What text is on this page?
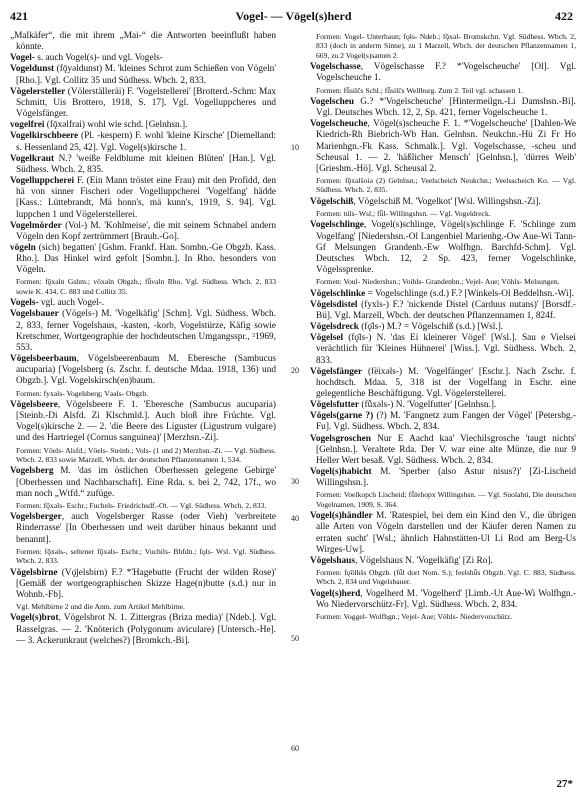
421	Vogel- — Vögel(s)herd	422

„Malkäfer“, die mit ihrem „Mai-“ die Antworten beeinflußt haben könnte.

Vogel- s. auch Vogel(s)- und vgl. Vogels-

Vogeldunst (fǭyǝldunst) M. 'kleines Schrot zum Schießen von Vögeln' [Rho.]. Vgl. Collitz 35 und Südhess. Wbch. 2, 833.

Vögelersteller (Völerställeräi) F. 'Vogelstellerei' [Brotterd.-Schm: Max Schmitt, Uis Brottero, 1918, S. 17]. Vgl. Vogelluppcheres und Vögelsfänger.

vogelfrei (fǭxǝlfrai) wohl wie schd. [Gelnhsn.].

Vogelkirschbeere (Pl. -kespern) F. wohl 'kleine Kirsche' [Diemelland: s. Hessenland 25, 42]. Vgl. Vogel(s)kirsche 1.

Vogelkraut N.? 'weiße Feldblume mit kleinen Blüten' [Han.]. Vgl. Südhess. Wbch. 2, 835.

Vogelluppcherei F. (Ein Mann tröstet eine Frau) mit den Profidd, den hä von sinner Fischeri oder Vogelluppcherei 'Vogelfang' hädde [Kass.: Lüttebrandt, Mä honn's, mä kunn's, 1919, S. 94]. Vgl. luppchen 1 und Vögelerstellerei.

Vogelmörder (Vol-) M. 'Kohlmeise', die mit seinem Schnabel andern Vögeln den Kopf zertrümmert [Brauh.-Go].

vögeln (sich) begatten' [Gshm. Frankf. Han. Sombn.-Ge Obgzb. Kass. Rho.]. Das Hinkel wird gefolt [Sombn.]. In Rho. besonders von Vögeln.

Formen: fǭxǝln Gshm.; vöxǝln Obgzb.; fǖvǝln Rho. Vgl. Südhess. Wbch. 2, 833 sowie K. 434, C. 883 und Collitz 35.

Vogels- vgl. auch Vogel-.

Vogelsbauer (Vögels-) M. 'Vogelkäfig' [Schm]. Vgl. Südhess. Wbch. 2, 833, ferner Vogelshaus, -kasten, -korb, Vogelstürze, Käfig sowie Kretschmer, Wortgeographie der hochdeutschen Umgangsspr., ²1969, 553.

Vögelsbeerbaum, Vögelsbeerenbaum M. Eberesche (Sambucus aucuparia) [Vogelsberg (s. Zschr. f. deutsche Mdaa. 1918, 136) und Obgzb.]. Vgl. Vogelskirsch(en)baum.

Formen: fyxǝls- Vogelsberg; Vǝǝls- Obgzb.

Vögelsbeere, Vögelsbeere F. 1. 'Eberesche (Sambucus aucuparia) [Steinb.-Di Alsfd. Zi Klschmld.]. Auch bloß ihre Früchte. Vgl. Vogel(s)kirsche 2. — 2. 'die Beere des Liguster (Ligustrum vulgare) und des Hartriegel (Cornus sanguinea)' [Merzhsn.-Zi].

Formen: Vöels- Alsfd.; Vöels- Steinb.; Vols- (1 und 2) Merzhsn.-Zi. — Vgl. Südhess. Wbch. 2, 833 sowie Marzell, Wbch. der deutschen Pflanzennamen 1, 534.

Vogelsberg M. 'das im östlichen Oberhessen gelegene Gebirge' [Oberhessen und Nachbarschaft]. Eine Rda. s. bei 2, 742, 17f., wo man noch „Wtfd.“ zufüge.

Formen: fǭxǝls- Eschr.; Fuchels- Friedrichsdf.-Ot. — Vgl. Südhess. Wbch. 2, 833.

Vogelsberger, auch Vogelsberger Rasse (oder Vieh) 'verbreitete Rinderrasse' [In Oberhessen und weit darüber hinaus bekannt und benannt].

Formen: fǭxǝls-, seltener fǭxǝls- Eschr.; Vuchils- Bhfdn.; fǫls- Wsl. Vgl. Südhess. Wbch. 2, 833.

Vögelsbirne (Vǫ̈jelsbirn) F.? *'Hagebutte (Frucht der wilden Rose)' [Gemäß der wortgeographischen Skizze Hage(n)butte (s.d.) nur in Wohnb.-Fb].

Vgl. Mehlbirne 2 und die Anm. zum Artikel Mehlbirne.

Vogel(s)brot, Vögelsbrot N. 1. Zittergras (Briza media)' [Ndeb.]. Vgl. Rasselgras. — 2. 'Knöterich (Polygonum aviculare) [Untersch.-He]. — 3. Ackerunkraut (welches?) [Bromkch.-Bi].

Formen: Vogel- Unterhaun; fǫls- Ndeb.; fǭxǝl- Bromskchn. Vgl. Südhess. Wbch. 2, 833 (doch in anderm Sinne), zu 1 Marzell, Wbch. der deutschen Pflanzennamen 1, 669, zu 2 Vogel(s)samen 2.

Vogelschasse, Vögelschasse F.? *'Vogelscheuche' [Ol]. Vgl. Vogelscheuche 1.

Formen: fǖsilčs Schl.; fǖsilčs Wellburg. Zum 2. Teil vgl. schassen 1.

Vogelscheu G.? *'Vogelscheuche' [Hintermeilgn.-Li Damshsn.-Bi]. Vgl. Deutsches Wbch. 12, 2, Sp. 421, ferner Vogelscheuche 1.

Vogelscheuche, Vögel(s)scheuche F. 1. *'Vogelscheuche' [Dahlen-We Kiedrich-Rh Biebrich-Wb Han. Gelnhsn. Neukchn.-Hü Zi Fr Ho Marienhgn.-Fk Kass. Schmalk.]. Vgl. Vogelschasse, -scheu und Scheusal 1. — 2. 'häßlicher Mensch' [Gelnhsn.], 'dürres Weib' [Grieshm.-Hö]. Vgl. Scheusal 2.

Formen: fǭxǝlšoiǝ (2) Gelnhsn.; Veelscheich Neukchn.; Veelsscheich Ko. — Vgl. Südhess. Wbch. 2, 835.

Vögelschiß, Vögelschiß M. 'Vogelkot' [Wsl. Willingshsn.-Zi].

Formen: tüls- Wsl.; fǖl- Willingshsn. — Vgl. Vogeldreck.

Vogelschlinge, Vogel(s)schlinge, Vögel(s)schlinge F. 'Schlinge zum Vogelfang' [Niedershsn.-Ol Langenbiel Marienhg.-Ow Aue-Wi Tann-Gf Melsungen Grandenb.-Ew Wolfhgn. Barchfd-Schm]. Vgl. Deutsches Wbch. 12, 2 Sp. 423, ferner Vogelschlinke, Vögelssprenke.

Formen: Voul- Niedershsn.; Voihls- Grandenbn.; Vejel- Aue; Vöhls- Melsungen.

Vögelschlinke = Vogelschlinge (s.d.) F.? [Winkels-Ol Beddelhsn.-Wi].

Vögelsdistel (fyxls-) F.? 'nickende Distel (Carduus nutans)' [Borsdf.-Bü]. Vgl. Marzell, Wbch. der deutschen Pflanzennamen 1, 824f.

Vögelsdreck (fǫ̈ls-) M.? = Vögelschiß (s.d.) [Wsl.].

Vögelsel (fǫ̈ls-) N. 'das Ei kleinerer Vögel' [Wsl.]. Sau e Vielsei verächtlich für 'Kleines Hühnerei' [Wiss.]. Vgl. Südhess. Wbch. 2, 833.

Vögelsfänger (fëixǝls-) M. 'Vogelfänger' [Eschr.]. Nach Zschr. f. hochdtsch. Mdaa. 5, 318 ist der Vogelfang in Eschr. eine gelegentliche Beschäftigung. Vgl. Vögelerstellerei.

Vögelsfutter (fǖxǝls-) N. 'Vogelfutter' [Gelnhsn.].

Vögels(garne ?) (?) M. 'Fangnetz zum Fangen der Vögel' [Petersbg.-Fu]. Vgl. Südhess. Wbch. 2, 834.

Vogelsgroschen Nur E Aachd kaa' Viechilsgrosche 'taugt nichts' [Gelnhsn.]. Veraltete Rda. Der V. war eine alte Münze, die nur 9 Heller Wert besaß. Vgl. Südhess. Wbch. 2, 834.

Vogel(s)habicht M. 'Sperber (also Astur nisus?)' [Zi-Lischeid Willingshsn.].

Formen: Voelkopch Lischeid; fǖlehopx Willingshsn. — Vgl. Suolahti, Die deutschen Vogelnamen, 1909, S. 364.

Vogel(s)händler M. 'Ratespiel, bei dem ein Kind den V., die übrigen alle Arten von Vögeln darstellen und der Käufer deren Namen zu erraten sucht' [Wsl.; ähnlich Hahnstätten-Ul Li Rod am Berg-Us Wirges-Uw].

Vögelshaus, Vögelshaus N. 'Vogelkäfig' [Zi Ro].

Formen: fǫ̈ölhšs Obgzb. (fǖl dort Nom. S.); feelshǖs Obgzb. Vgl. C. 883, Südhess. Wbch. 2, 834 und Vogelsbauer.

Vogel(s)herd, Vogelherd M. 'Vogelherd' [Limb.-Ut Aue-Wi Wolfhgn.-Wo Niedervorschütz-Fr]. Vgl. Südhess. Wbch. 2, 834.

Formen: Voggel- Wolfhgn.; Vejel- Aue; Vöhls- Niedervorschütz.

10
20
30
40
50
60
27*
